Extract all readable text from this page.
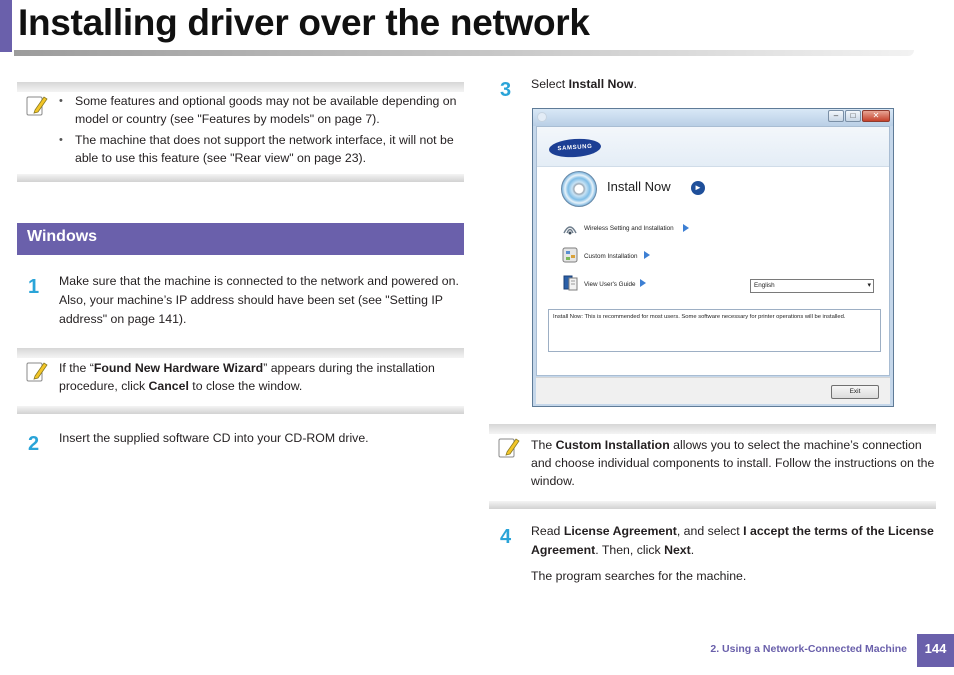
Installing driver over the network
• Some features and optional goods may not be available depending on model or country (see "Features by models" on page 7).
• The machine that does not support the network interface, it will not be able to use this feature (see "Rear view" on page 23).
Windows
1 Make sure that the machine is connected to the network and powered on. Also, your machine’s IP address should have been set (see "Setting IP address" on page 141).
If the “Found New Hardware Wizard” appears during the installation procedure, click Cancel to close the window.
2 Insert the supplied software CD into your CD-ROM drive.
3 Select Install Now.
–	□	✕
SAMSUNG
Install Now	►
Wireless Setting and Installation
Custom Installation
View User's Guide	English	▾
Install Now: This is recommended for most users. Some software necessary for printer operations will be installed.
Exit
The Custom Installation allows you to select the machine’s connection and choose individual components to install. Follow the instructions on the window.
4 Read License Agreement, and select I accept the terms of the License Agreement. Then, click Next.
The program searches for the machine.
2. Using a Network-Connected Machine	144
